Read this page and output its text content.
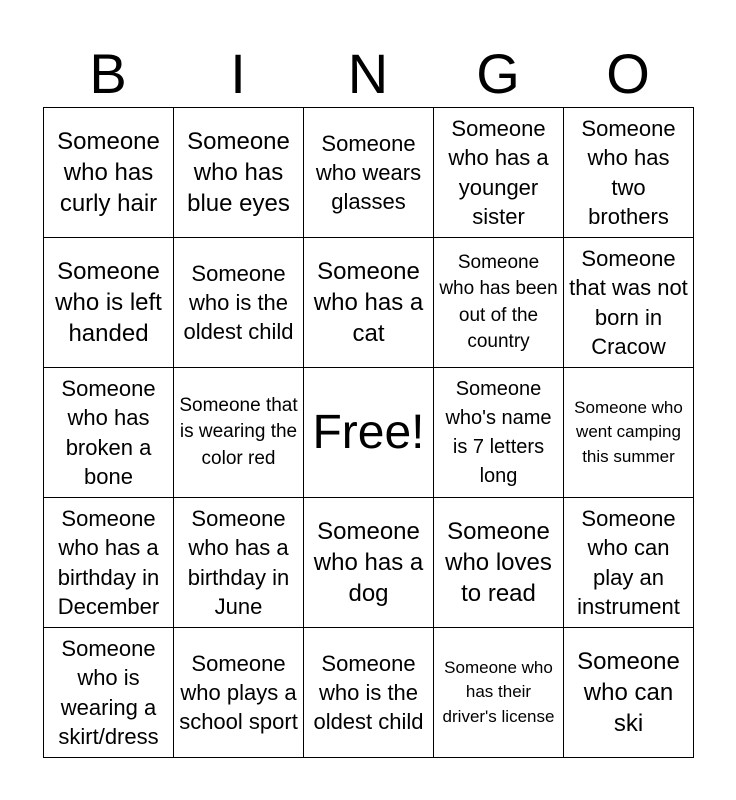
B	I	N	G	O
Someone who has curly hair	Someone who has blue eyes	Someone who wears glasses	Someone who has a younger sister	Someone who has two brothers

Someone who is left handed	Someone who is the oldest child	Someone who has a cat	Someone who has been out of the country	Someone that was not born in Cracow

Someone who has broken a bone	Someone that is wearing the color red	Free!	Someone who's name is 7 letters long	Someone who went camping this summer

Someone who has a birthday in December	Someone who has a birthday in June	Someone who has a dog	Someone who loves to read	Someone who can play an instrument

Someone who is wearing a skirt/dress	Someone who plays a school sport	Someone who is the oldest child	Someone who has their driver's license	Someone who can ski
